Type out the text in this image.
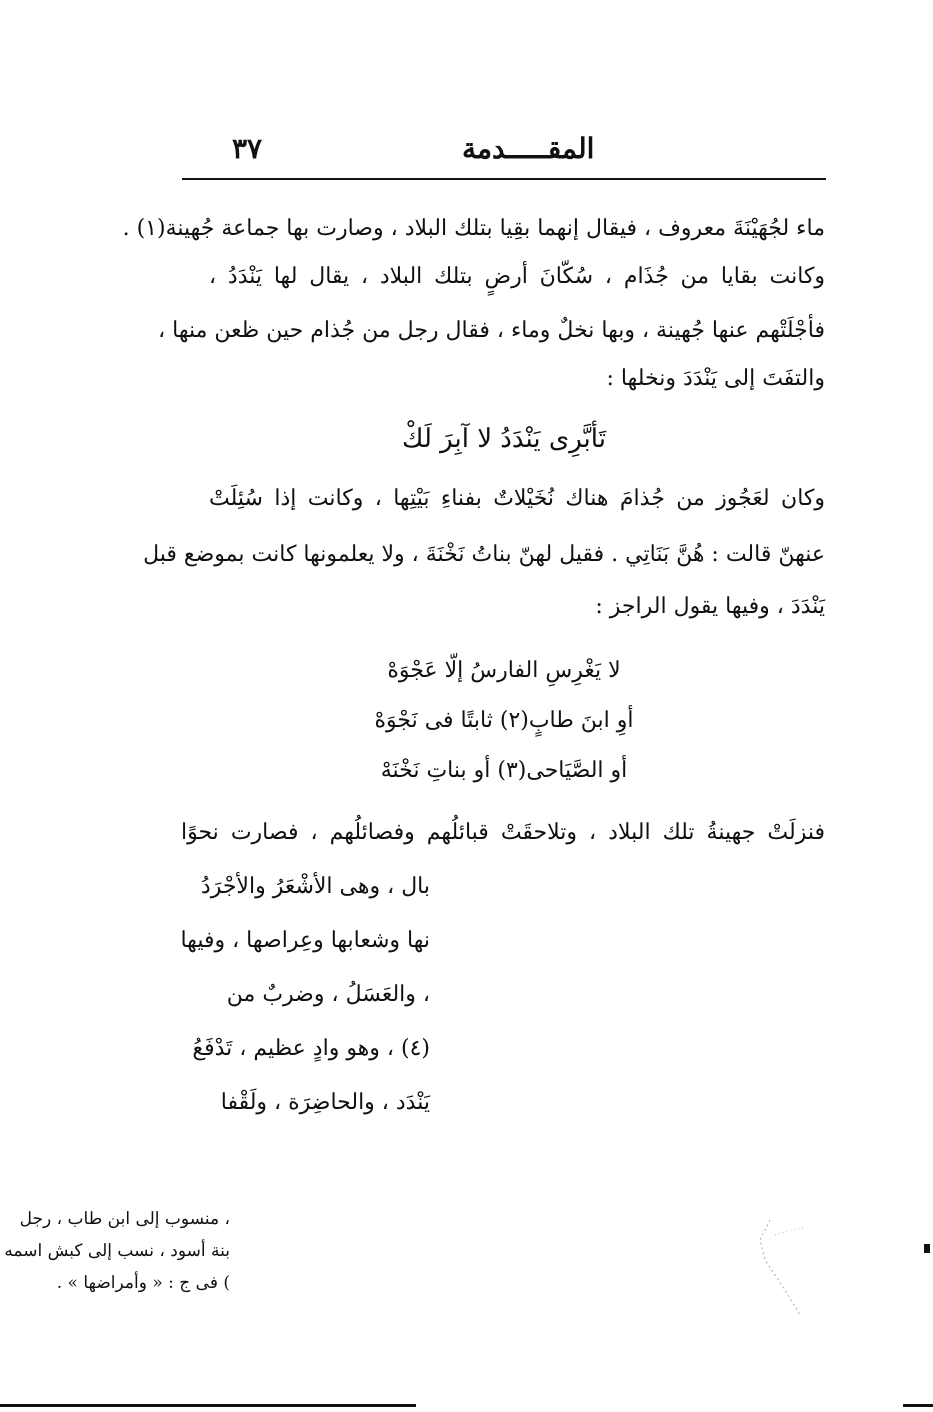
٣٧	المقـــــدمة
ماء لجُهَيْنَةَ معروف ، فيقال إنهما بقِيا بتلك البلاد ، وصارت بها جماعة جُهينة(١) .
وكانت بقايا من جُذَام ، سُكّانَ أرضٍ بتلك البلاد ، يقال لها يَنْدَدُ ،
فأجْلَتْهم عنها جُهينة ، وبها نخلٌ وماء ، فقال رجل من جُذام حين ظعن منها ،
والتفَتَ إلى يَنْدَدَ ونخلها :
تَأبَّرِى يَنْدَدُ لا آبِرَ لَكْ
وكان لعَجُوز من جُذامَ هناك نُخَيْلاتٌ بفناءِ بَيْتِها ، وكانت إذا سُئِلَتْ
عنهنّ قالت : هُنَّ بَنَاتِي . فقيل لهنّ بناتُ نَخْنَةَ ، ولا يعلمونها كانت بموضع قبل
يَنْدَدَ ، وفيها يقول الراجز :
لا يَغْرِسِ الفارسُ إلّا عَجْوَهْ
أوِ ابنَ طابٍ(٢) ثابتًا فى نَجْوَهْ
أو الصَّيَاحى(٣) أو بناتِ نَخْنَهْ
فنزلَتْ جهينةُ تلك البلاد ، وتلاحقَتْ قبائلُهم وفصائلُهم ، فصارت نحوًا
بال ، وهى الأشْعَرُ والأجْرَدُ
نها وشعابها وعِراصها ، وفيها
، والعَسَلُ ، وضربٌ من
(٤) ، وهو وادٍ عظيم ، تَدْفَعُ
يَنْدَد ، والحاضِرَة ، ولَقْفا
، منسوب إلى ابن طاب ، رجل
بنة أسود ، نسب إلى كبش اسمه
) فى ج : « وأمراضها » .
